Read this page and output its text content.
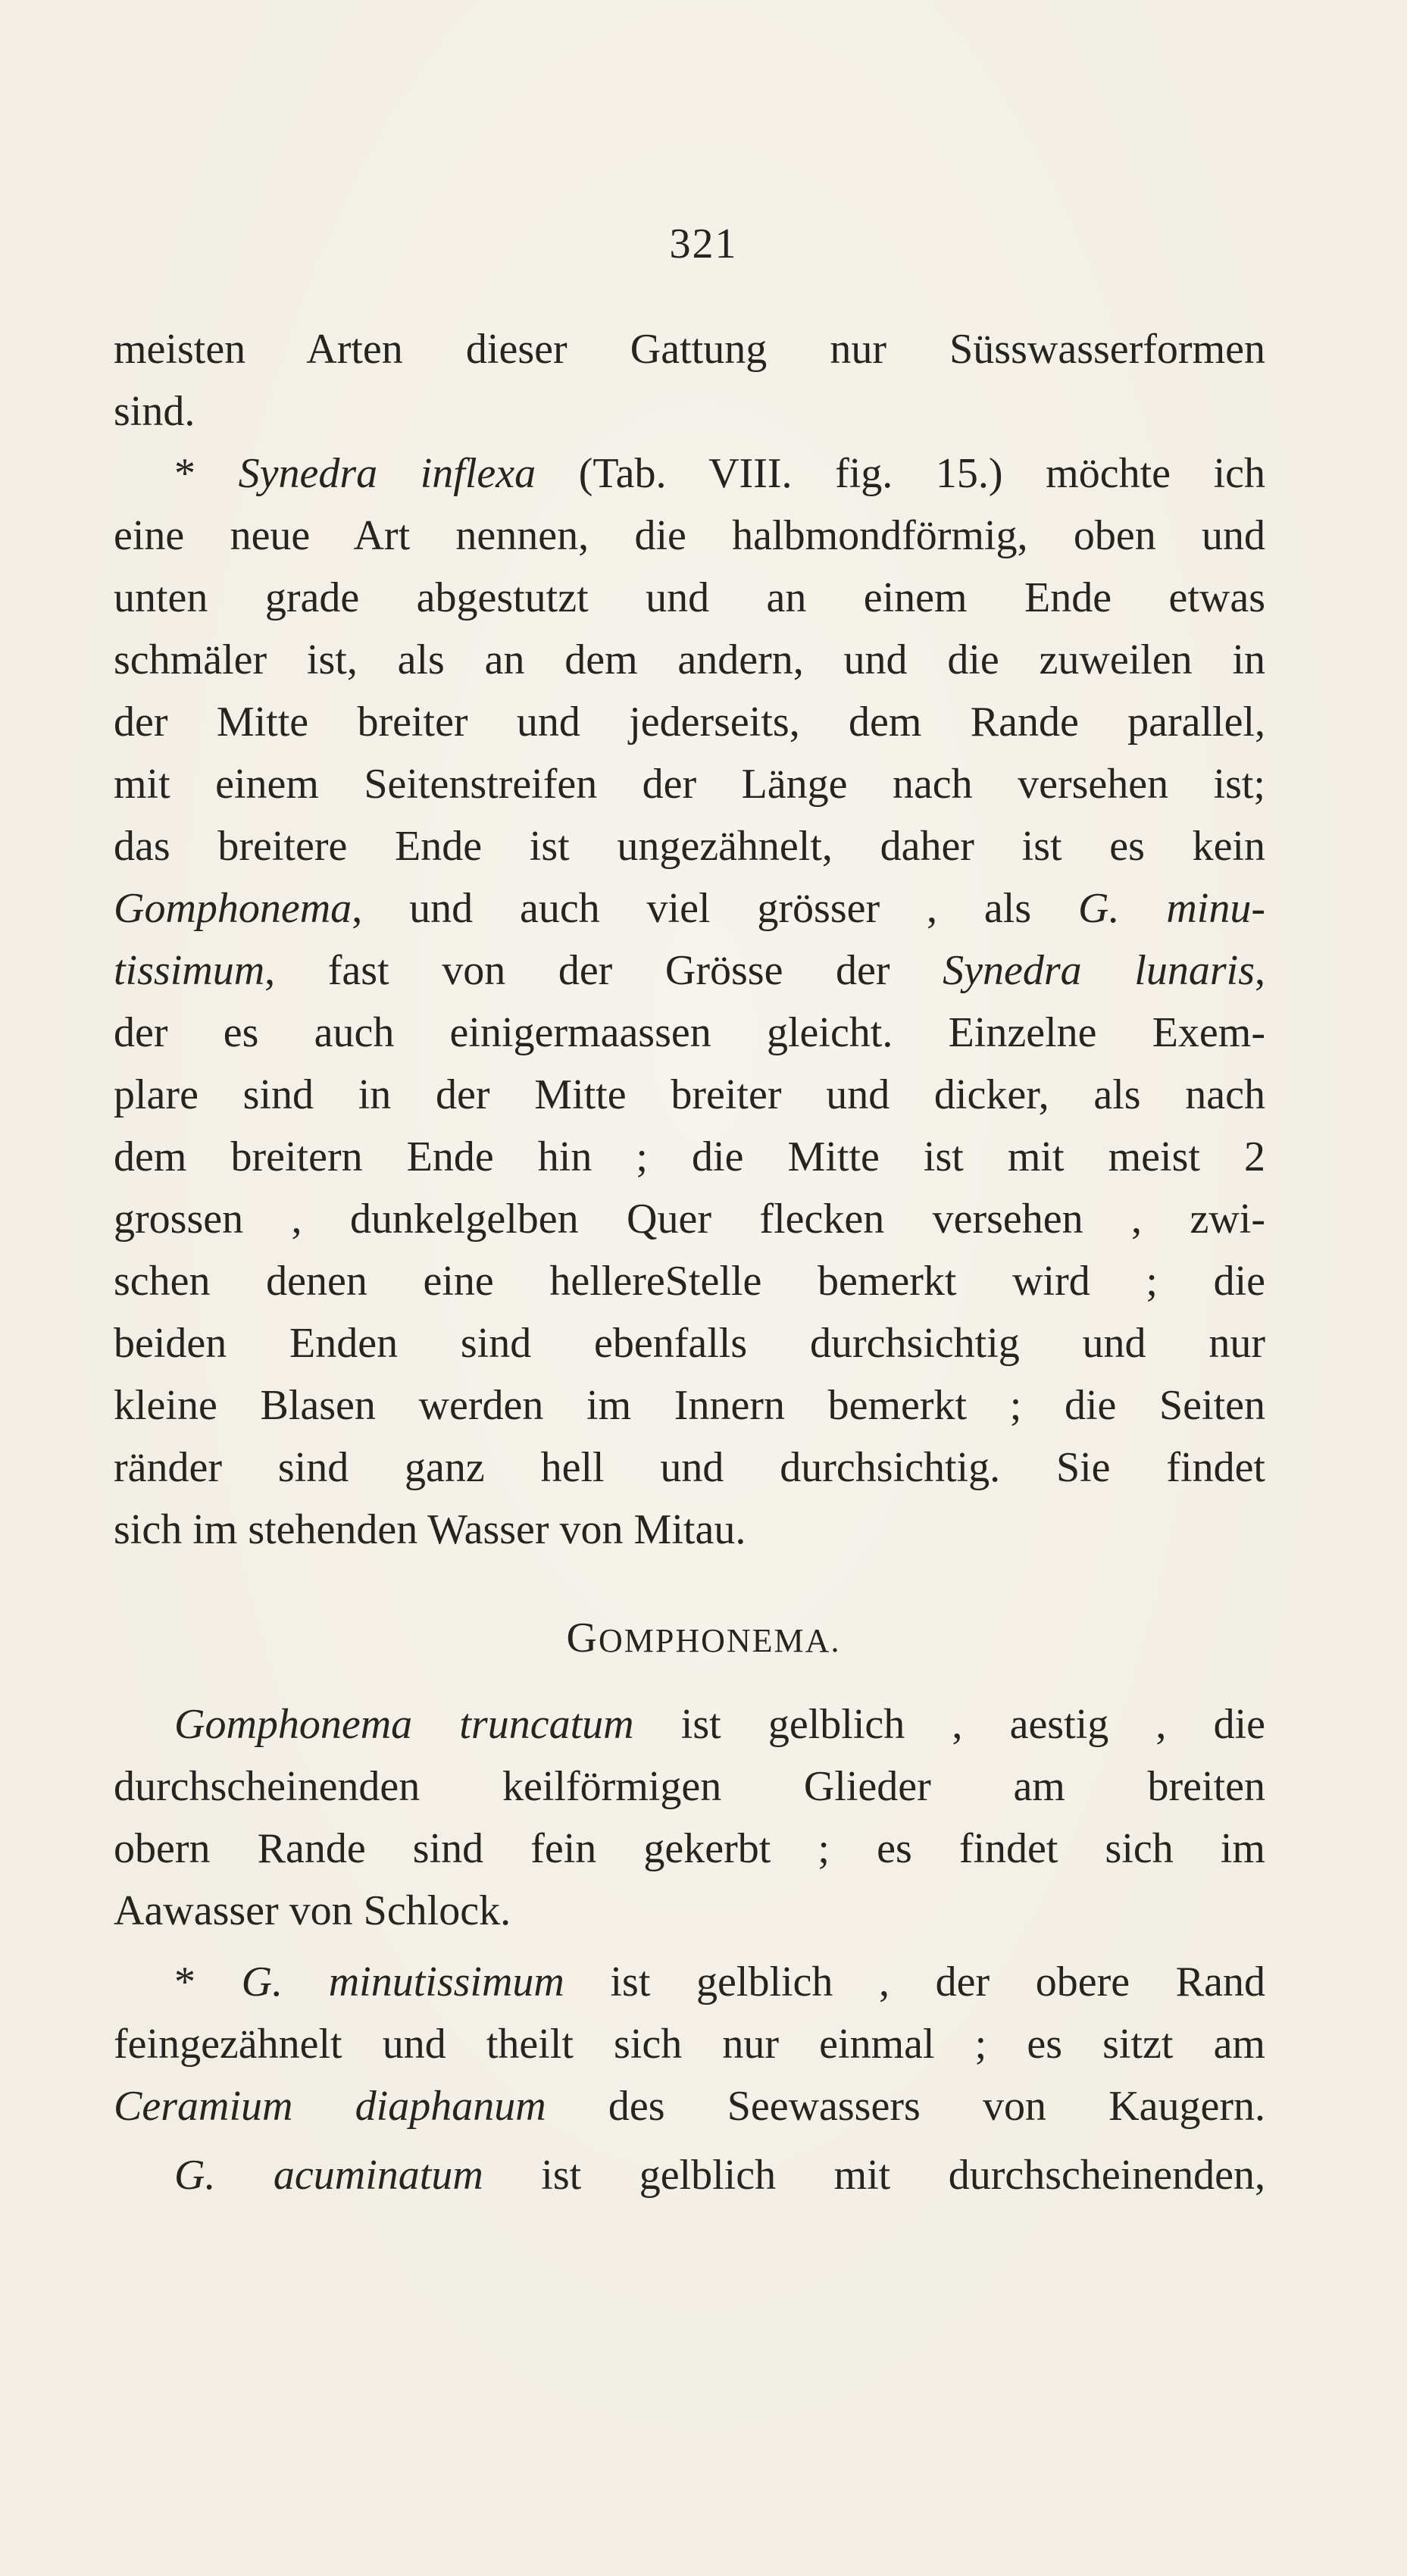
321
meisten Arten dieser Gattung nur Süsswasserformen
sind.
* Synedra inflexa (Tab. VIII. fig. 15.) möchte ich
eine neue Art nennen, die halbmondförmig, oben und
unten grade abgestutzt und an einem Ende etwas
schmäler ist, als an dem andern, und die zuweilen in
der Mitte breiter und jederseits, dem Rande parallel,
mit einem Seitenstreifen der Länge nach versehen ist;
das breitere Ende ist ungezähnelt, daher ist es kein
Gomphonema, und auch viel grösser , als G. minu-
tissimum, fast von der Grösse der Synedra lunaris,
der es auch einigermaassen gleicht. Einzelne Exem-
plare sind in der Mitte breiter und dicker, als nach
dem breitern Ende hin ; die Mitte ist mit meist 2
grossen , dunkelgelben Quer flecken versehen , zwi-
schen denen eine hellereStelle bemerkt wird ; die
beiden Enden sind ebenfalls durchsichtig und nur
kleine Blasen werden im Innern bemerkt ; die Seiten
ränder sind ganz hell und durchsichtig. Sie findet
sich im stehenden Wasser von Mitau.
GOMPHONEMA.
Gomphonema truncatum ist gelblich , aestig , die
durchscheinenden keilförmigen Glieder am breiten
obern Rande sind fein gekerbt ; es findet sich im
Aawasser von Schlock.
* G. minutissimum ist gelblich , der obere Rand
feingezähnelt und theilt sich nur einmal ; es sitzt am
Ceramium diaphanum des Seewassers von Kaugern.
G. acuminatum ist gelblich mit durchscheinenden,
